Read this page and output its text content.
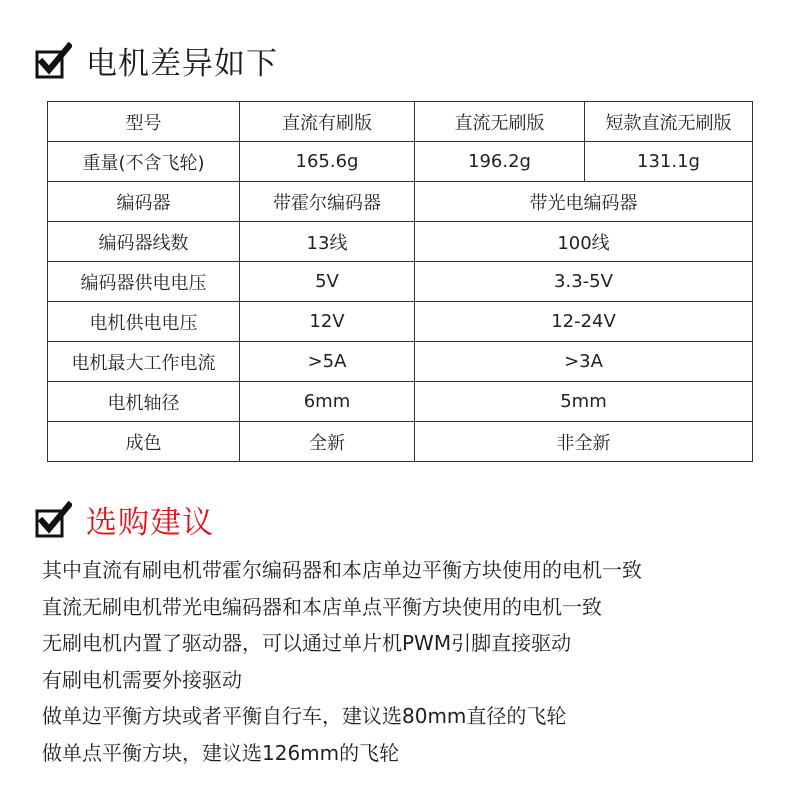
电机差异如下
型号	直流有刷版	直流无刷版	短款直流无刷版
重量(不含飞轮)	165.6g	196.2g	131.1g
编码器	带霍尔编码器	带光电编码器	
编码器线数	13线	100线	
编码器供电电压	5V	3.3-5V	
电机供电电压	12V	12-24V	
电机最大工作电流	>5A	>3A	
电机轴径	6mm	5mm	
成色	全新	非全新	
选购建议
其中直流有刷电机带霍尔编码器和本店单边平衡方块使用的电机一致
直流无刷电机带光电编码器和本店单点平衡方块使用的电机一致
无刷电机内置了驱动器，可以通过单片机PWM引脚直接驱动
有刷电机需要外接驱动
做单边平衡方块或者平衡自行车，建议选80mm直径的飞轮
做单点平衡方块，建议选126mm的飞轮
